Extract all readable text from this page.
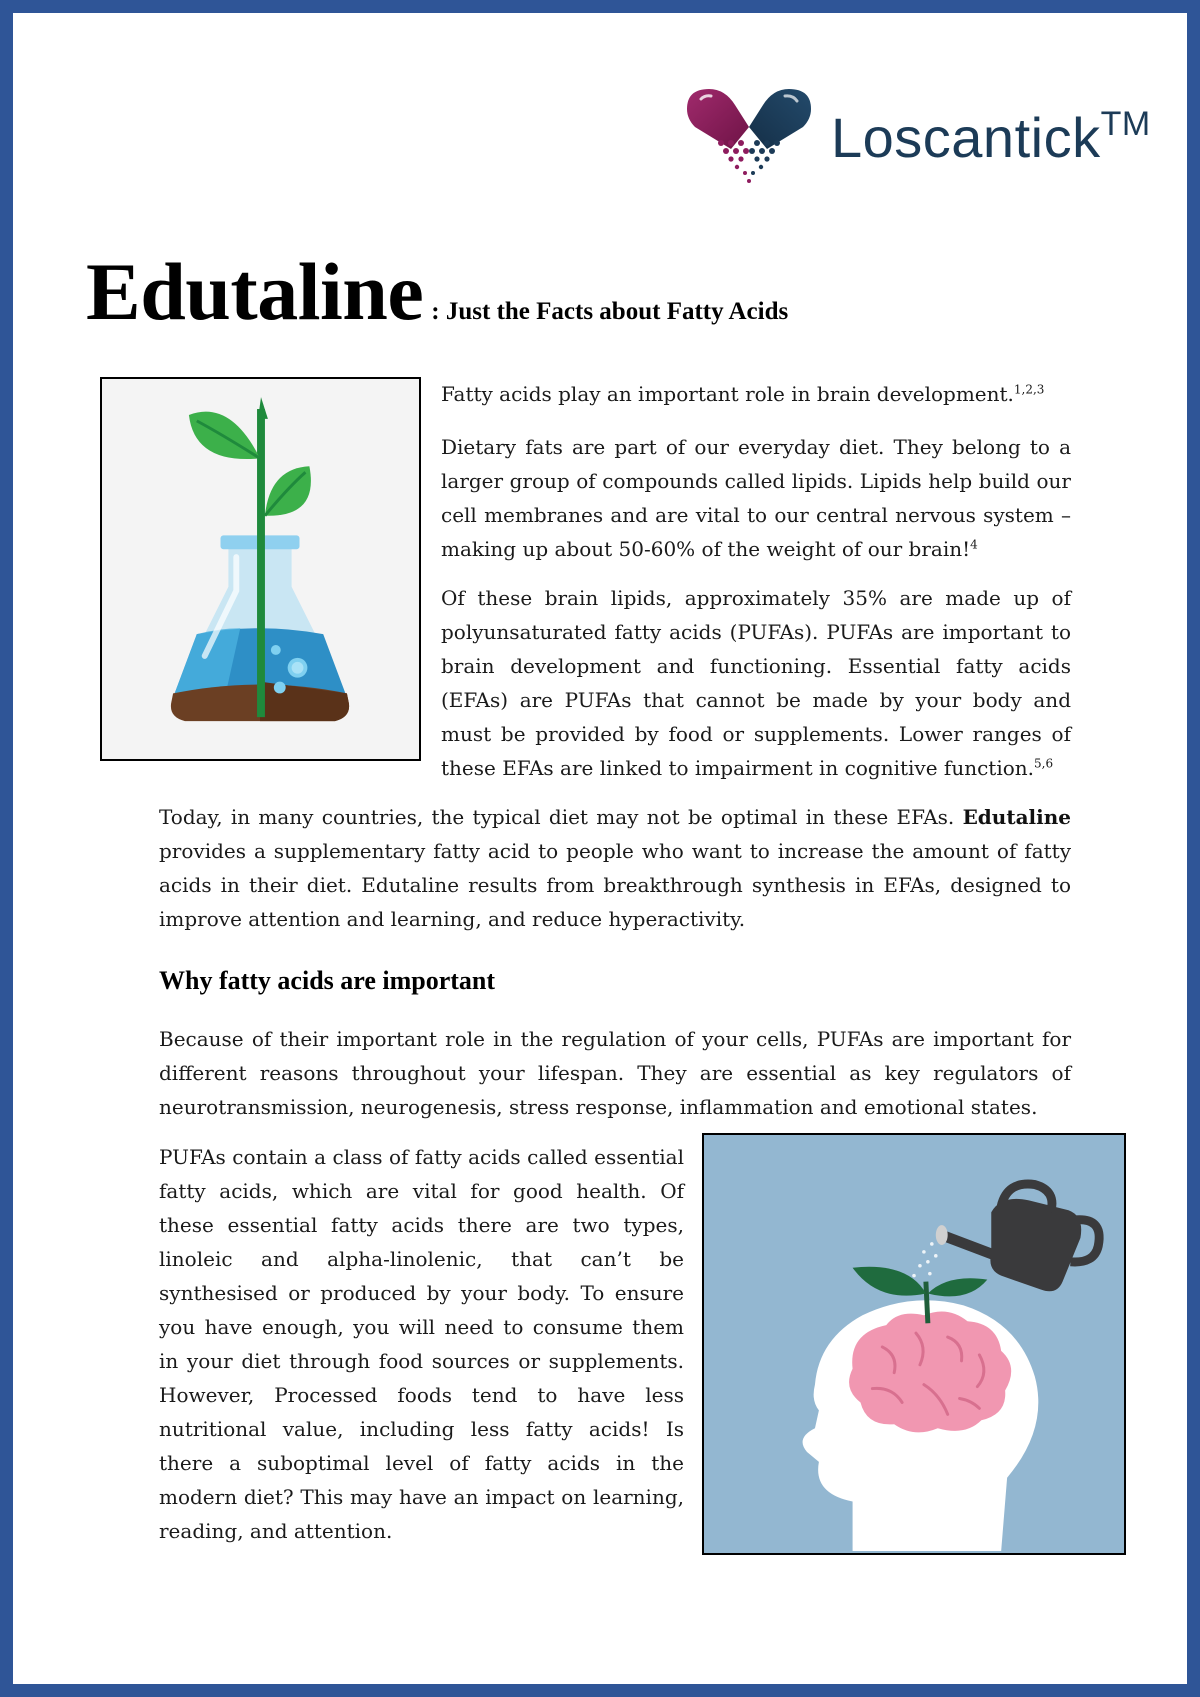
Loscantick™
Edutaline : Just the Facts about Fatty Acids

Fatty acids play an important role in brain development.$^{1,2,3}$

Dietary fats are part of our everyday diet. They belong to a larger group of compounds called lipids. Lipids help build our cell membranes and are vital to our central nervous system – making up about 50-60% of the weight of our brain!$^4$

Of these brain lipids, approximately 35% are made up of polyunsaturated fatty acids (PUFAs). PUFAs are important to brain development and functioning. Essential fatty acids (EFAs) are PUFAs that cannot be made by your body and must be provided by food or supplements. Lower ranges of these EFAs are linked to impairment in cognitive function.$^{5,6}$

Today, in many countries, the typical diet may not be optimal in these EFAs. Edutaline provides a supplementary fatty acid to people who want to increase the amount of fatty acids in their diet. Edutaline results from breakthrough synthesis in EFAs, designed to improve attention and learning, and reduce hyperactivity.

Why fatty acids are important

Because of their important role in the regulation of your cells, PUFAs are important for different reasons throughout your lifespan. They are essential as key regulators of neurotransmission, neurogenesis, stress response, inflammation and emotional states.

PUFAs contain a class of fatty acids called essential fatty acids, which are vital for good health. Of these essential fatty acids there are two types, linoleic and alpha-linolenic, that can’t be synthesised or produced by your body. To ensure you have enough, you will need to consume them in your diet through food sources or supplements. However, Processed foods tend to have less nutritional value, including less fatty acids! Is there a suboptimal level of fatty acids in the modern diet? This may have an impact on learning, reading, and attention.
